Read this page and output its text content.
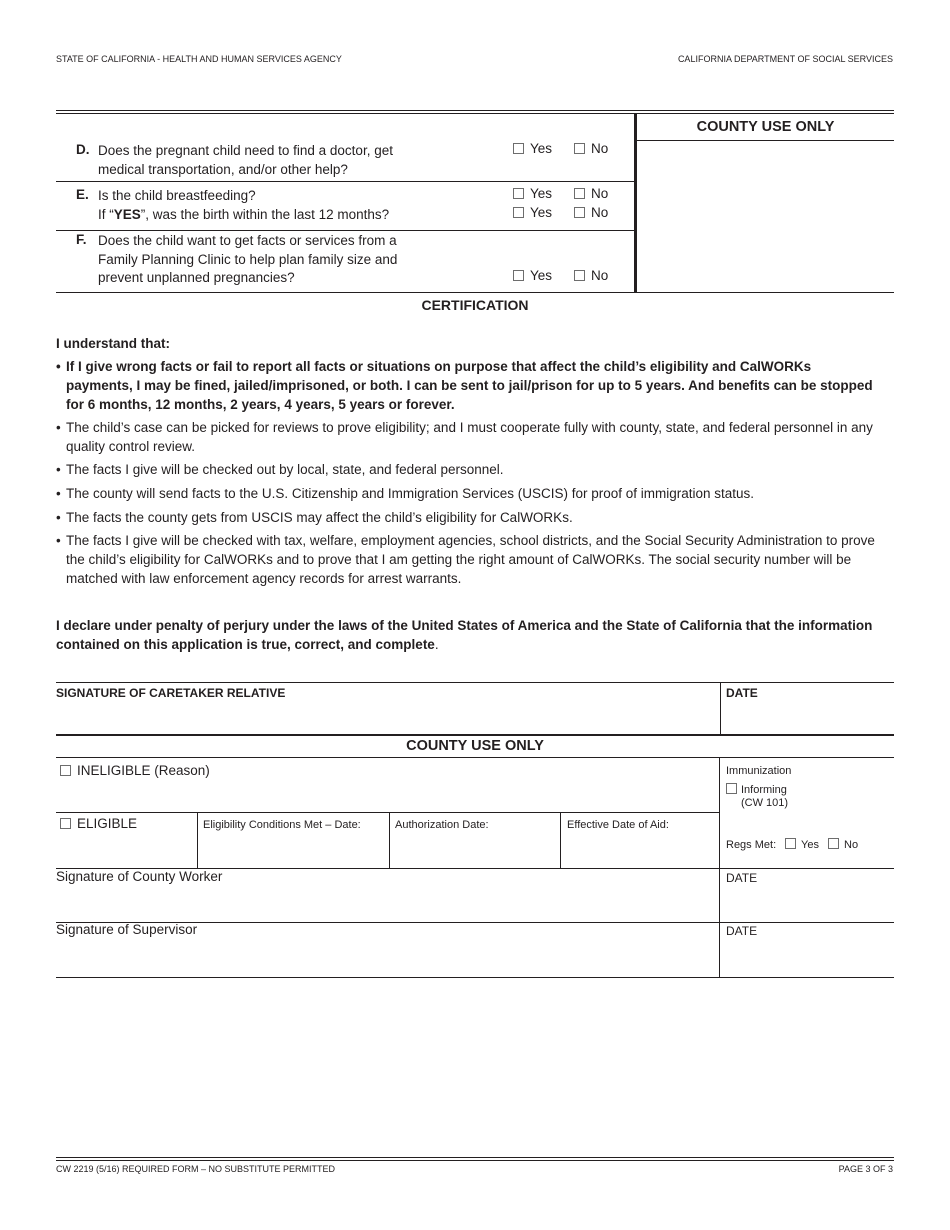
STATE OF CALIFORNIA - HEALTH AND HUMAN SERVICES AGENCY	CALIFORNIA DEPARTMENT OF SOCIAL SERVICES
COUNTY USE ONLY
D. Does the pregnant child need to find a doctor, get
medical transportation, and/or other help?
Yes	No
E. Is the child breastfeeding?
If “YES”, was the birth within the last 12 months?
Yes	No
Yes	No
F. Does the child want to get facts or services from a
Family Planning Clinic to help plan family size and
prevent unplanned pregnancies?	Yes	No
CERTIFICATION
I understand that:
• If I give wrong facts or fail to report all facts or situations on purpose that affect the child’s eligibility and CalWORKs payments, I may be fined, jailed/imprisoned, or both. I can be sent to jail/prison for up to 5 years. And benefits can be stopped for 6 months, 12 months, 2 years, 4 years, 5 years or forever.
• The child’s case can be picked for reviews to prove eligibility; and I must cooperate fully with county, state, and federal personnel in any quality control review.
• The facts I give will be checked out by local, state, and federal personnel.
• The county will send facts to the U.S. Citizenship and Immigration Services (USCIS) for proof of immigration status.
• The facts the county gets from USCIS may affect the child’s eligibility for CalWORKs.
• The facts I give will be checked with tax, welfare, employment agencies, school districts, and the Social Security Administration to prove the child’s eligibility for CalWORKs and to prove that I am getting the right amount of CalWORKs. The social security number will be matched with law enforcement agency records for arrest warrants.
I declare under penalty of perjury under the laws of the United States of America and the State of California that the information contained on this application is true, correct, and complete.
SIGNATURE OF CARETAKER RELATIVE	DATE
COUNTY USE ONLY
INELIGIBLE (Reason)
ELIGIBLE	Eligibility Conditions Met – Date:	Authorization Date:	Effective Date of Aid:
Immunization
Informing
(CW 101)
Regs Met:	Yes	No
Signature of County Worker	DATE
Signature of Supervisor	DATE
CW 2219 (5/16) REQUIRED FORM – NO SUBSTITUTE PERMITTED	PAGE 3 OF 3
